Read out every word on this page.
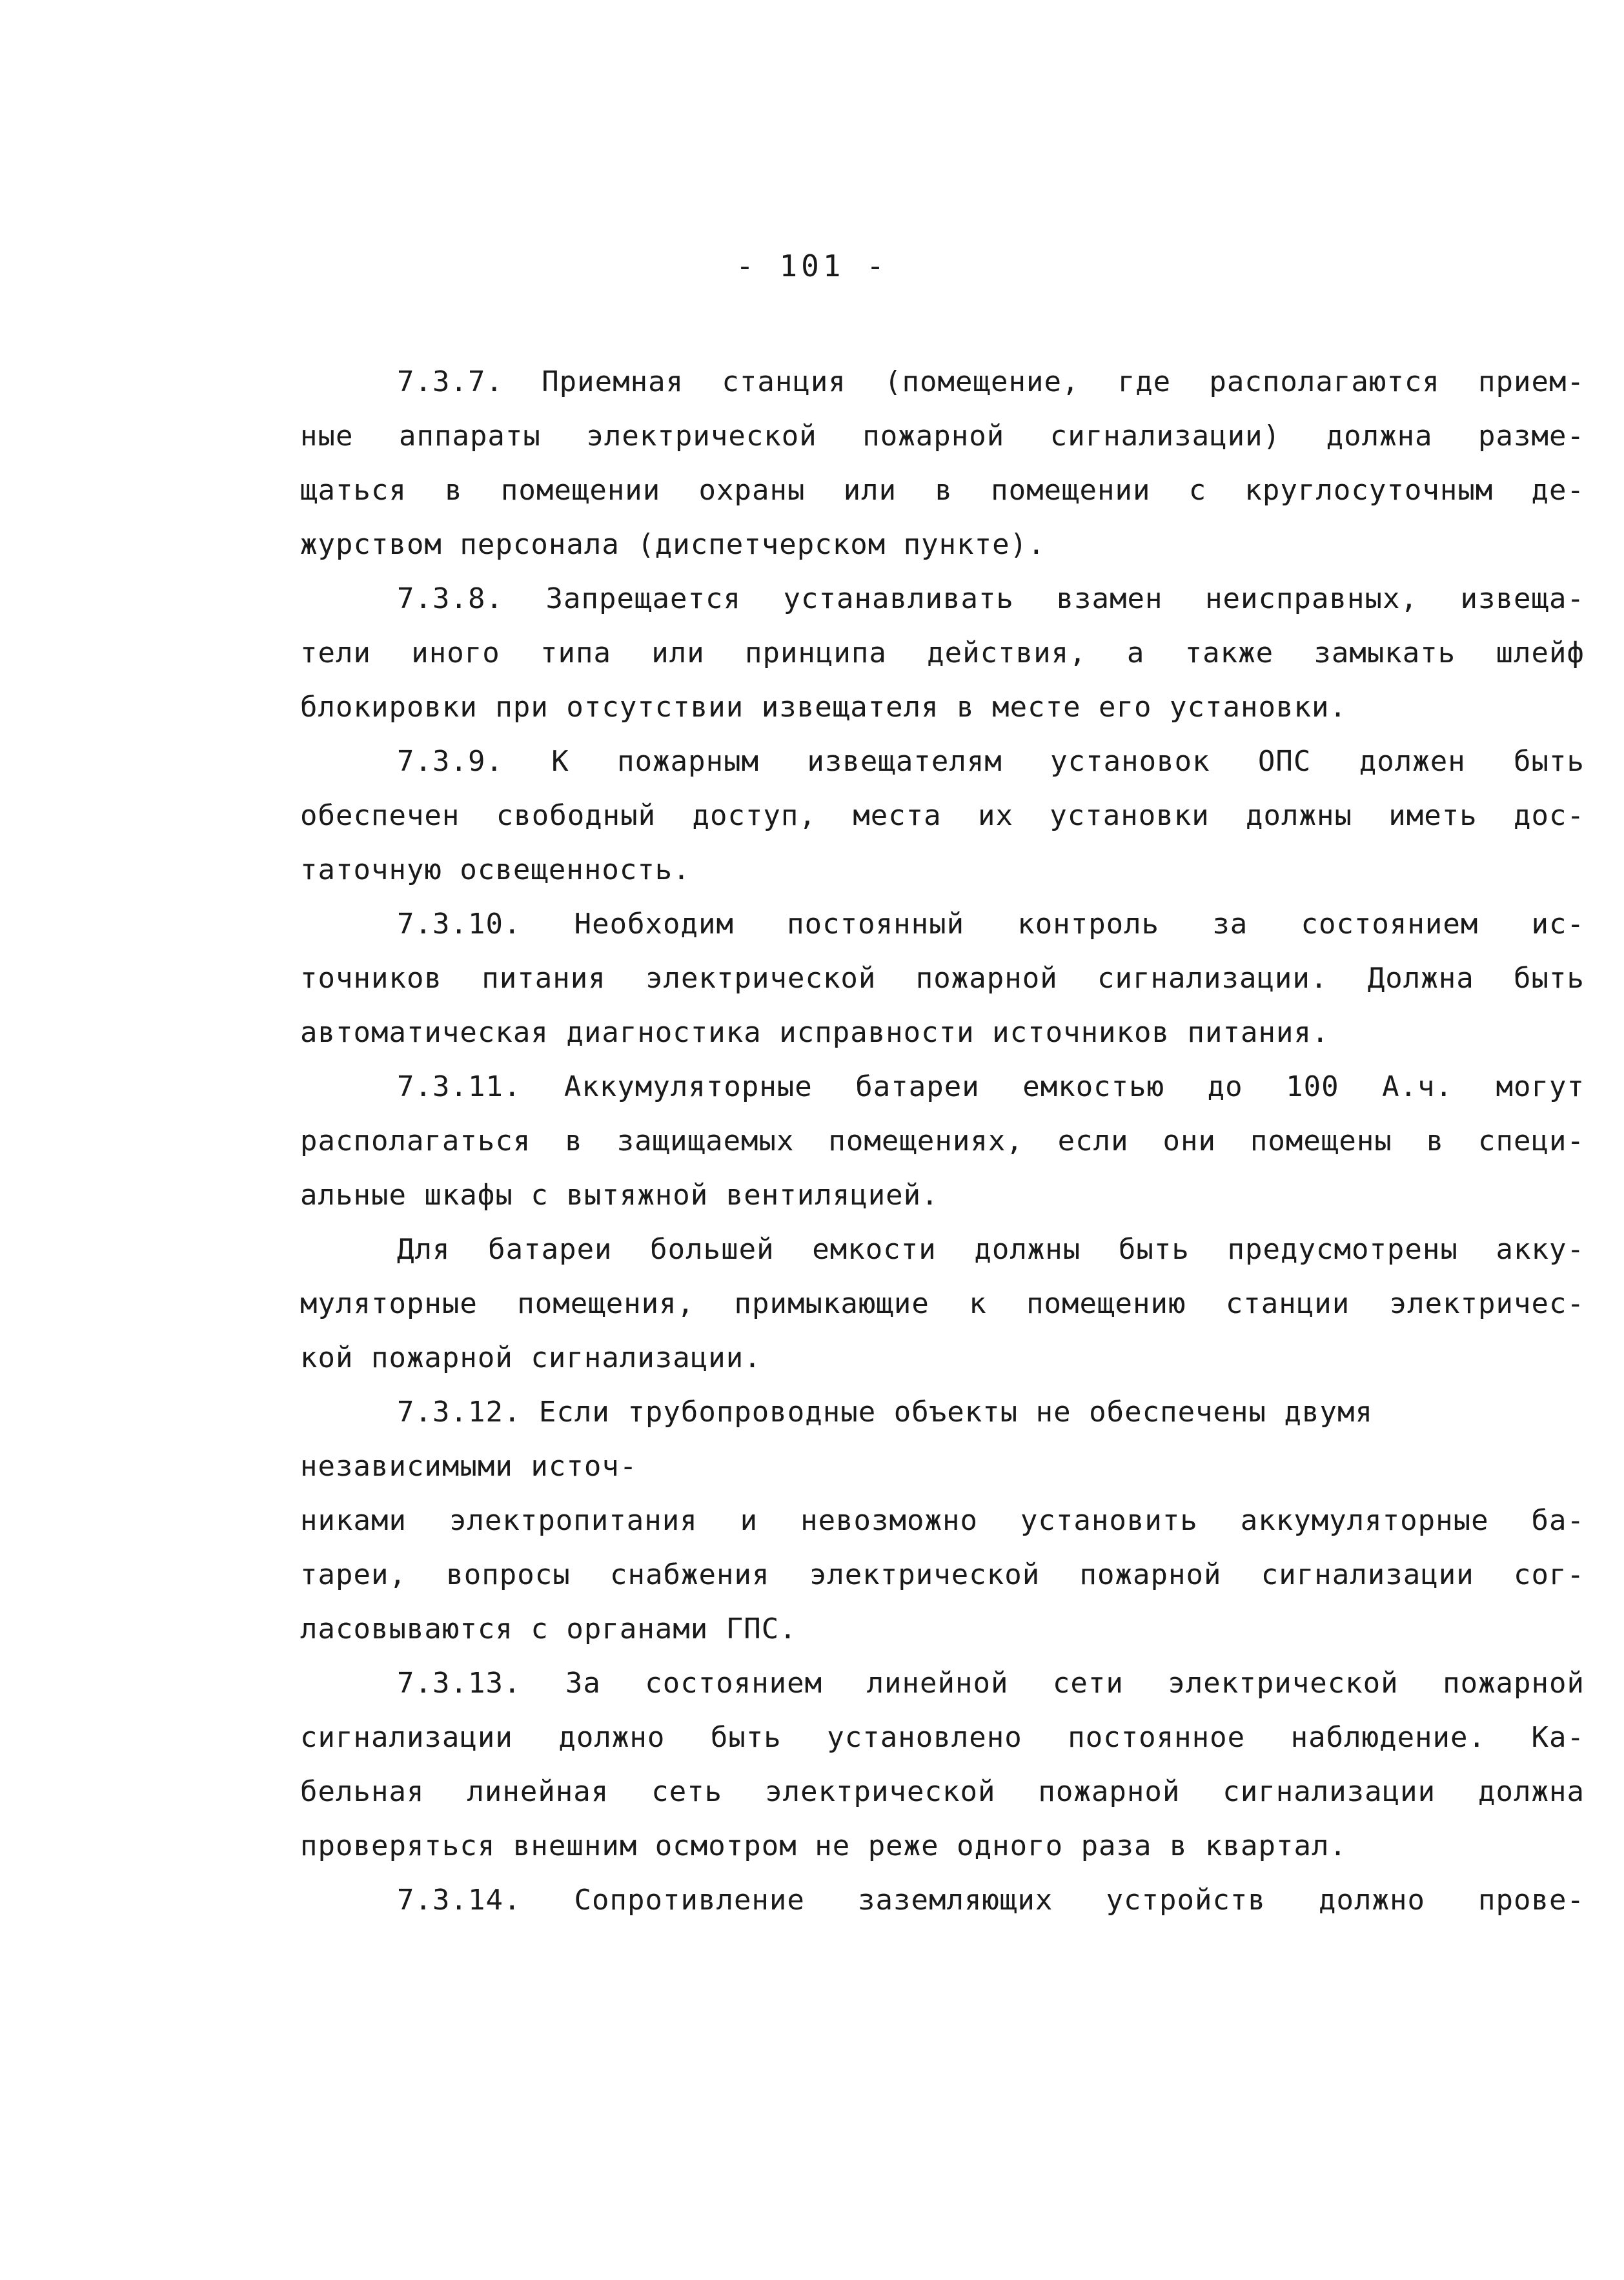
- 101 -
7.3.7. Приемная станция (помещение, где располагаются прием-
ные аппараты электрической пожарной сигнализации) должна разме-
щаться в помещении охраны или в помещении с круглосуточным де-
журством персонала (диспетчерском пункте).
7.3.8. Запрещается устанавливать взамен неисправных, извеща-
тели иного типа или принципа действия, а также замыкать шлейф
блокировки при отсутствии извещателя в месте его установки.
7.3.9. К пожарным извещателям установок ОПС должен быть
обеспечен свободный доступ, места их установки должны иметь дос-
таточную освещенность.
7.3.10. Необходим постоянный контроль за состоянием ис-
точников питания электрической пожарной сигнализации. Должна быть
автоматическая диагностика исправности источников питания.
7.3.11. Аккумуляторные батареи емкостью до 100 А.ч. могут
располагаться в защищаемых помещениях, если они помещены в специ-
альные шкафы с вытяжной вентиляцией.
Для батареи большей емкости должны быть предусмотрены акку-
муляторные помещения, примыкающие к помещению станции электричес-
кой пожарной сигнализации.
7.3.12. Если трубопроводные объекты не обеспечены двумя
независимыми источ-
никами электропитания и невозможно установить аккумуляторные ба-
тареи, вопросы снабжения электрической пожарной сигнализации сог-
ласовываются с органами ГПС.
7.3.13. За состоянием линейной сети электрической пожарной
сигнализации должно быть установлено постоянное наблюдение. Ка-
бельная линейная сеть электрической пожарной сигнализации должна
проверяться внешним осмотром не реже одного раза в квартал.
7.3.14. Сопротивление заземляющих устройств должно прове-
